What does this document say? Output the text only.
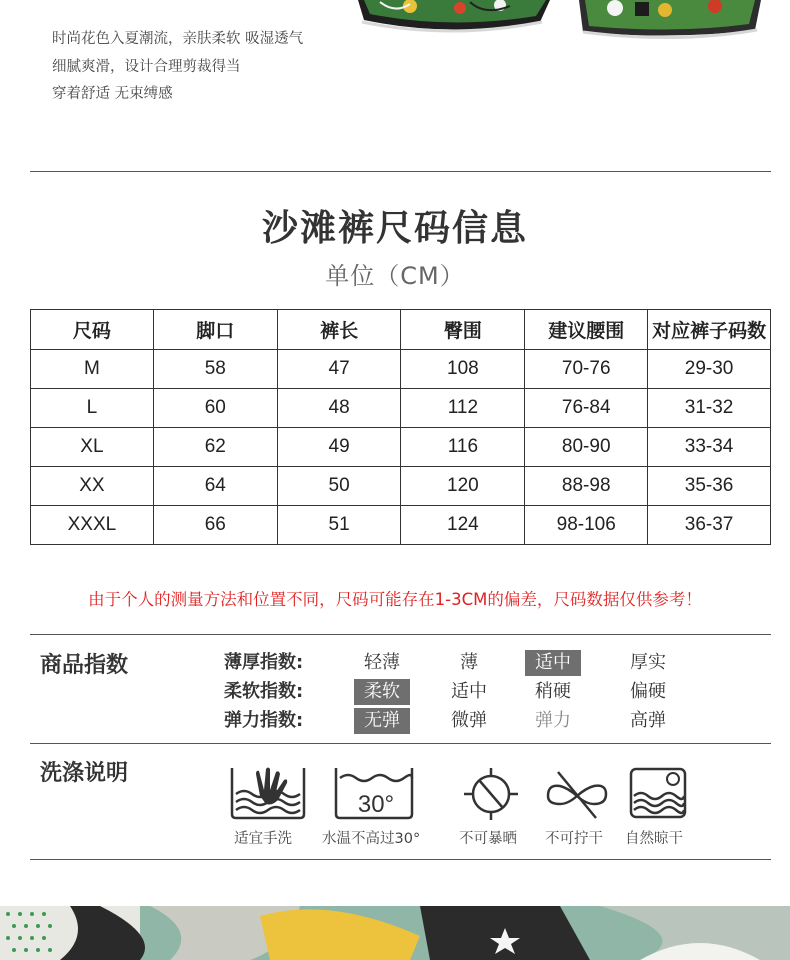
时尚花色入夏潮流，亲肤柔软 吸湿透气
细腻爽滑，设计合理剪裁得当
穿着舒适 无束缚感
沙滩裤尺码信息
单位（CM）
尺码	脚口	裤长	臀围	建议腰围	对应裤子码数
M	58	47	108	70-76	29-30
L	60	48	112	76-84	31-32
XL	62	49	116	80-90	33-34
XX	64	50	120	88-98	35-36
XXXL	66	51	124	98-106	36-37
由于个人的测量方法和位置不同，尺码可能存在1-3CM的偏差，尺码数据仅供参考！
商品指数	薄厚指数:	轻薄	薄	适中	厚实
柔软指数:	柔软	适中	稍硬	偏硬
弹力指数:	无弹	微弹	弹力	高弹
洗涤说明
30°
适宜手洗 水温不高过30°	不可暴晒 不可拧干 自然晾干
